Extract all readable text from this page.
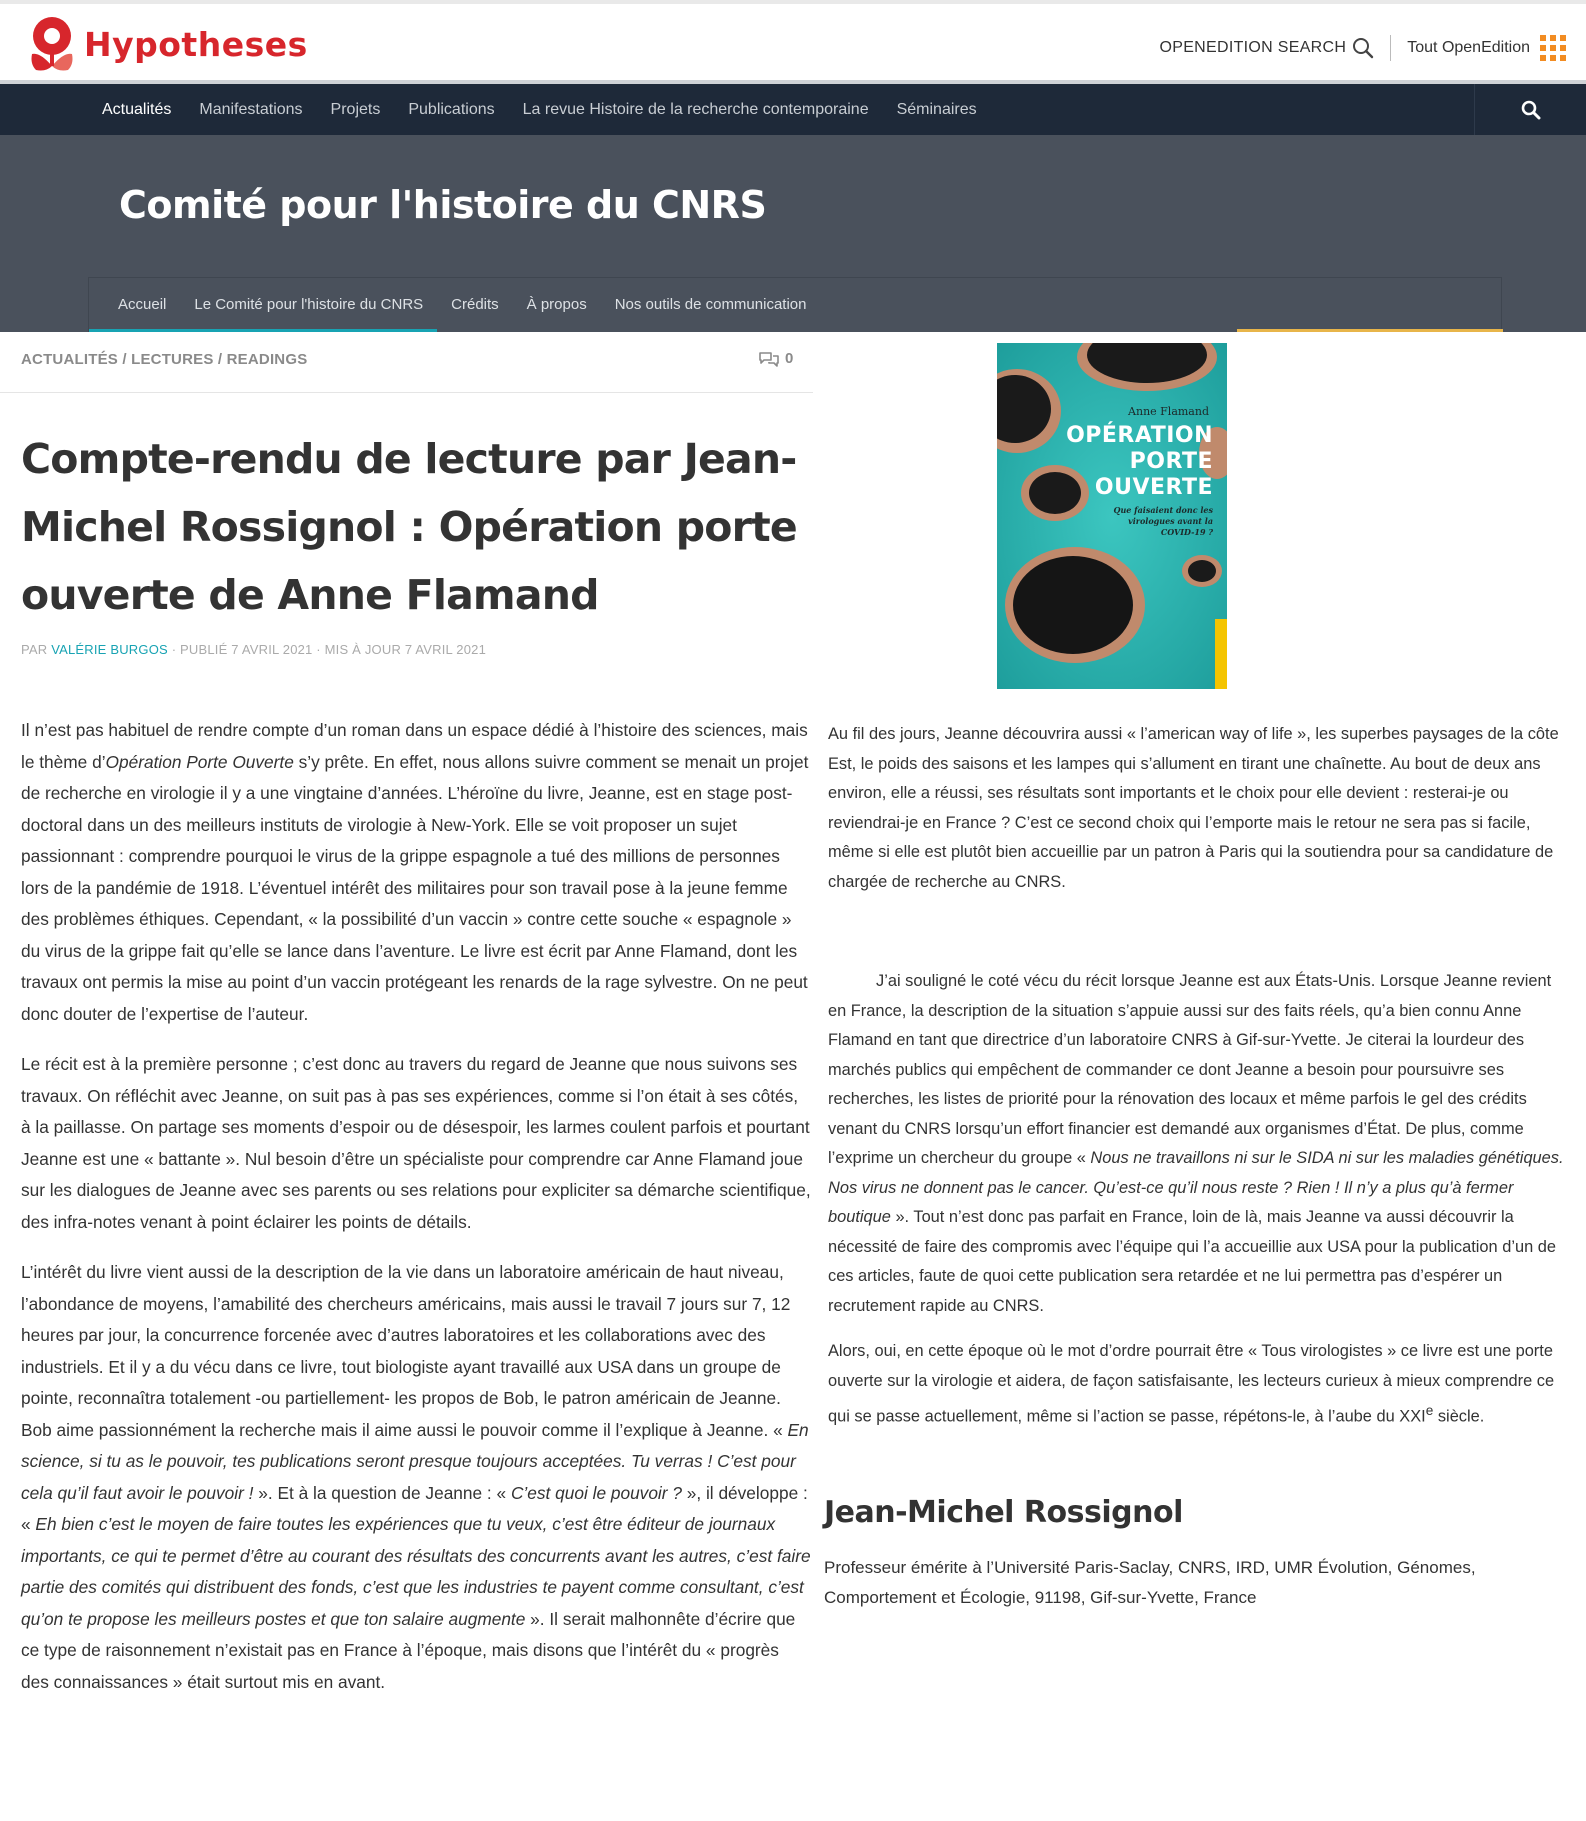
Hypotheses	OPENEDITION SEARCH	Tout OpenEdition
Actualités Manifestations Projets Publications La revue Histoire de la recherche contemporaine Séminaires
Comité pour l'histoire du CNRS
Accueil Le Comité pour l'histoire du CNRS Crédits À propos Nos outils de communication
ACTUALITÉS / LECTURES / READINGS	0
Compte-rendu de lecture par Jean-Michel Rossignol : Opération porte ouverte de Anne Flamand
PAR VALÉRIE BURGOS · PUBLIÉ 7 AVRIL 2021 · MIS À JOUR 7 AVRIL 2021
Anne Flamand
OPÉRATION PORTE OUVERTE
Que faisaient donc les virologues avant la COVID-19 ?

Il n’est pas habituel de rendre compte d’un roman dans un espace dédié à l’histoire des sciences, mais le thème d’Opération Porte Ouverte s’y prête. En effet, nous allons suivre comment se menait un projet de recherche en virologie il y a une vingtaine d’années. L’héroïne du livre, Jeanne, est en stage post-doctoral dans un des meilleurs instituts de virologie à New-York. Elle se voit proposer un sujet passionnant : comprendre pourquoi le virus de la grippe espagnole a tué des millions de personnes lors de la pandémie de 1918. L’éventuel intérêt des militaires pour son travail pose à la jeune femme des problèmes éthiques. Cependant, « la possibilité d’un vaccin » contre cette souche « espagnole » du virus de la grippe fait qu’elle se lance dans l’aventure. Le livre est écrit par Anne Flamand, dont les travaux ont permis la mise au point d’un vaccin protégeant les renards de la rage sylvestre. On ne peut donc douter de l’expertise de l’auteur.

Le récit est à la première personne ; c’est donc au travers du regard de Jeanne que nous suivons ses travaux. On réfléchit avec Jeanne, on suit pas à pas ses expériences, comme si l’on était à ses côtés, à la paillasse. On partage ses moments d’espoir ou de désespoir, les larmes coulent parfois et pourtant Jeanne est une « battante ». Nul besoin d’être un spécialiste pour comprendre car Anne Flamand joue sur les dialogues de Jeanne avec ses parents ou ses relations pour expliciter sa démarche scientifique, des infra-notes venant à point éclairer les points de détails.

L’intérêt du livre vient aussi de la description de la vie dans un laboratoire américain de haut niveau, l’abondance de moyens, l’amabilité des chercheurs américains, mais aussi le travail 7 jours sur 7, 12 heures par jour, la concurrence forcenée avec d’autres laboratoires et les collaborations avec des industriels. Et il y a du vécu dans ce livre, tout biologiste ayant travaillé aux USA dans un groupe de pointe, reconnaîtra totalement -ou partiellement- les propos de Bob, le patron américain de Jeanne. Bob aime passionnément la recherche mais il aime aussi le pouvoir comme il l’explique à Jeanne. « En science, si tu as le pouvoir, tes publications seront presque toujours acceptées. Tu verras ! C’est pour cela qu’il faut avoir le pouvoir ! ». Et à la question de Jeanne : « C’est quoi le pouvoir ? », il développe : « Eh bien c’est le moyen de faire toutes les expériences que tu veux, c’est être éditeur de journaux importants, ce qui te permet d’être au courant des résultats des concurrents avant les autres, c’est faire partie des comités qui distribuent des fonds, c’est que les industries te payent comme consultant, c’est qu’on te propose les meilleurs postes et que ton salaire augmente ». Il serait malhonnête d’écrire que ce type de raisonnement n’existait pas en France à l’époque, mais disons que l’intérêt du « progrès des connaissances » était surtout mis en avant.

Au fil des jours, Jeanne découvrira aussi « l’american way of life », les superbes paysages de la côte Est, le poids des saisons et les lampes qui s’allument en tirant une chaînette. Au bout de deux ans environ, elle a réussi, ses résultats sont importants et le choix pour elle devient : resterai-je ou reviendrai-je en France ? C’est ce second choix qui l’emporte mais le retour ne sera pas si facile, même si elle est plutôt bien accueillie par un patron à Paris qui la soutiendra pour sa candidature de chargée de recherche au CNRS.

J’ai souligné le coté vécu du récit lorsque Jeanne est aux États-Unis. Lorsque Jeanne revient en France, la description de la situation s’appuie aussi sur des faits réels, qu’a bien connu Anne Flamand en tant que directrice d’un laboratoire CNRS à Gif-sur-Yvette. Je citerai la lourdeur des marchés publics qui empêchent de commander ce dont Jeanne a besoin pour poursuivre ses recherches, les listes de priorité pour la rénovation des locaux et même parfois le gel des crédits venant du CNRS lorsqu’un effort financier est demandé aux organismes d’État. De plus, comme l’exprime un chercheur du groupe « Nous ne travaillons ni sur le SIDA ni sur les maladies génétiques. Nos virus ne donnent pas le cancer. Qu’est-ce qu’il nous reste ? Rien ! Il n’y a plus qu’à fermer boutique ». Tout n’est donc pas parfait en France, loin de là, mais Jeanne va aussi découvrir la nécessité de faire des compromis avec l’équipe qui l’a accueillie aux USA pour la publication d’un de ces articles, faute de quoi cette publication sera retardée et ne lui permettra pas d’espérer un recrutement rapide au CNRS.

Alors, oui, en cette époque où le mot d’ordre pourrait être « Tous virologistes » ce livre est une porte ouverte sur la virologie et aidera, de façon satisfaisante, les lecteurs curieux à mieux comprendre ce qui se passe actuellement, même si l’action se passe, répétons-le, à l’aube du XXIe siècle.

Jean-Michel Rossignol

Professeur émérite à l’Université Paris-Saclay, CNRS, IRD, UMR Évolution, Génomes, Comportement et Écologie, 91198, Gif-sur-Yvette, France
